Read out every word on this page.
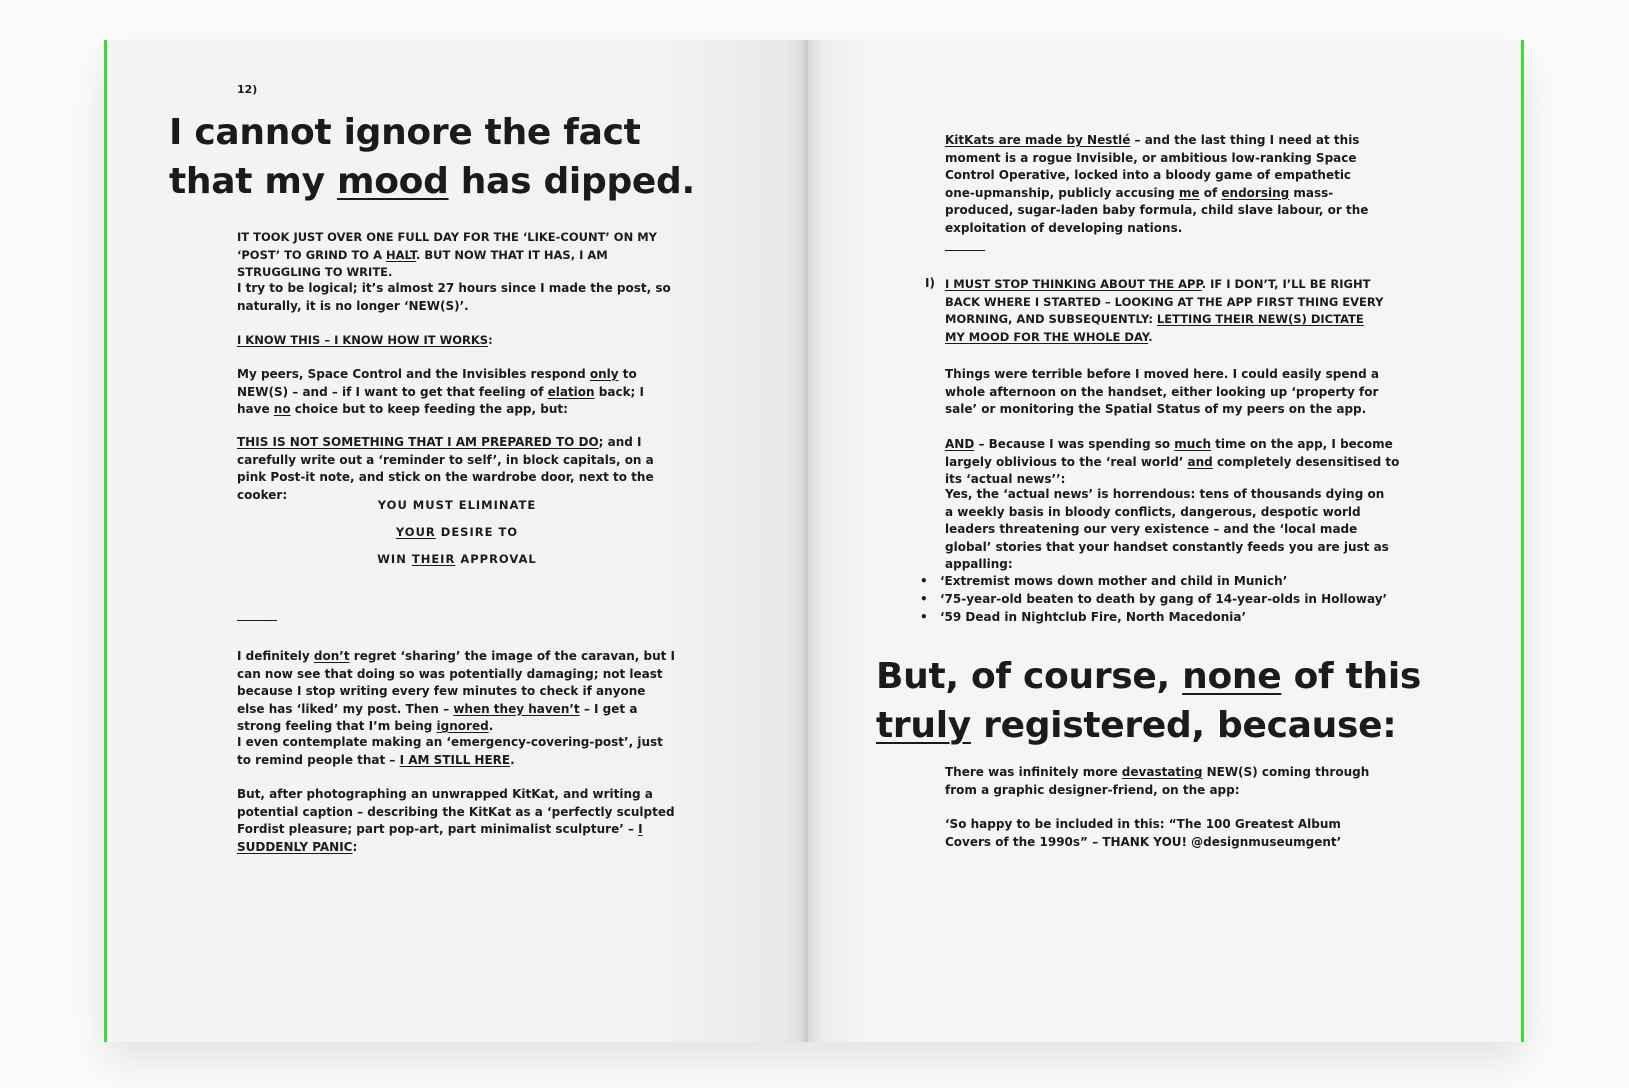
12)
I cannot ignore the fact that my mood has dipped.

IT TOOK JUST OVER ONE FULL DAY FOR THE ‘LIKE-COUNT’ ON MY ‘POST’ TO GRIND TO A HALT. BUT NOW THAT IT HAS, I AM STRUGGLING TO WRITE.

I try to be logical; it’s almost 27 hours since I made the post, so naturally, it is no longer ‘NEW(S)’.

I KNOW THIS – I KNOW HOW IT WORKS:

My peers, Space Control and the Invisibles respond only to NEW(S) – and – if I want to get that feeling of elation back; I have no choice but to keep feeding the app, but:

THIS IS NOT SOMETHING THAT I AM PREPARED TO DO; and I carefully write out a ‘reminder to self’, in block capitals, on a pink Post-it note, and stick on the wardrobe door, next to the cooker:

YOU MUST ELIMINATE
YOUR DESIRE TO
WIN THEIR APPROVAL

I definitely don’t regret ‘sharing’ the image of the caravan, but I can now see that doing so was potentially damaging; not least because I stop writing every few minutes to check if anyone else has ‘liked’ my post. Then – when they haven’t – I get a strong feeling that I’m being ignored.

I even contemplate making an ‘emergency-covering-post’, just to remind people that – I AM STILL HERE.

But, after photographing an unwrapped KitKat, and writing a potential caption – describing the KitKat as a ‘perfectly sculpted Fordist pleasure; part pop-art, part minimalist sculpture’ – I SUDDENLY PANIC:

KitKats are made by Nestlé – and the last thing I need at this moment is a rogue Invisible, or ambitious low-ranking Space Control Operative, locked into a bloody game of empathetic one-upmanship, publicly accusing me of endorsing mass-produced, sugar-laden baby formula, child slave labour, or the exploitation of developing nations.

I) I MUST STOP THINKING ABOUT THE APP. IF I DON’T, I’LL BE RIGHT BACK WHERE I STARTED – LOOKING AT THE APP FIRST THING EVERY MORNING, AND SUBSEQUENTLY: LETTING THEIR NEW(S) DICTATE MY MOOD FOR THE WHOLE DAY.

Things were terrible before I moved here. I could easily spend a whole afternoon on the handset, either looking up ‘property for sale’ or monitoring the Spatial Status of my peers on the app.

AND – Because I was spending so much time on the app, I become largely oblivious to the ‘real world’ and completely desensitised to its ‘actual news’’:

Yes, the ‘actual news’ is horrendous: tens of thousands dying on a weekly basis in bloody conflicts, dangerous, despotic world leaders threatening our very existence – and the ‘local made global’ stories that your handset constantly feeds you are just as appalling:

• ‘Extremist mows down mother and child in Munich’
• ‘75-year-old beaten to death by gang of 14-year-olds in Holloway’
• ‘59 Dead in Nightclub Fire, North Macedonia’
But, of course, none of this truly registered, because:

There was infinitely more devastating NEW(S) coming through from a graphic designer-friend, on the app:

‘So happy to be included in this: “The 100 Greatest Album Covers of the 1990s” – THANK YOU! @designmuseumgent’
